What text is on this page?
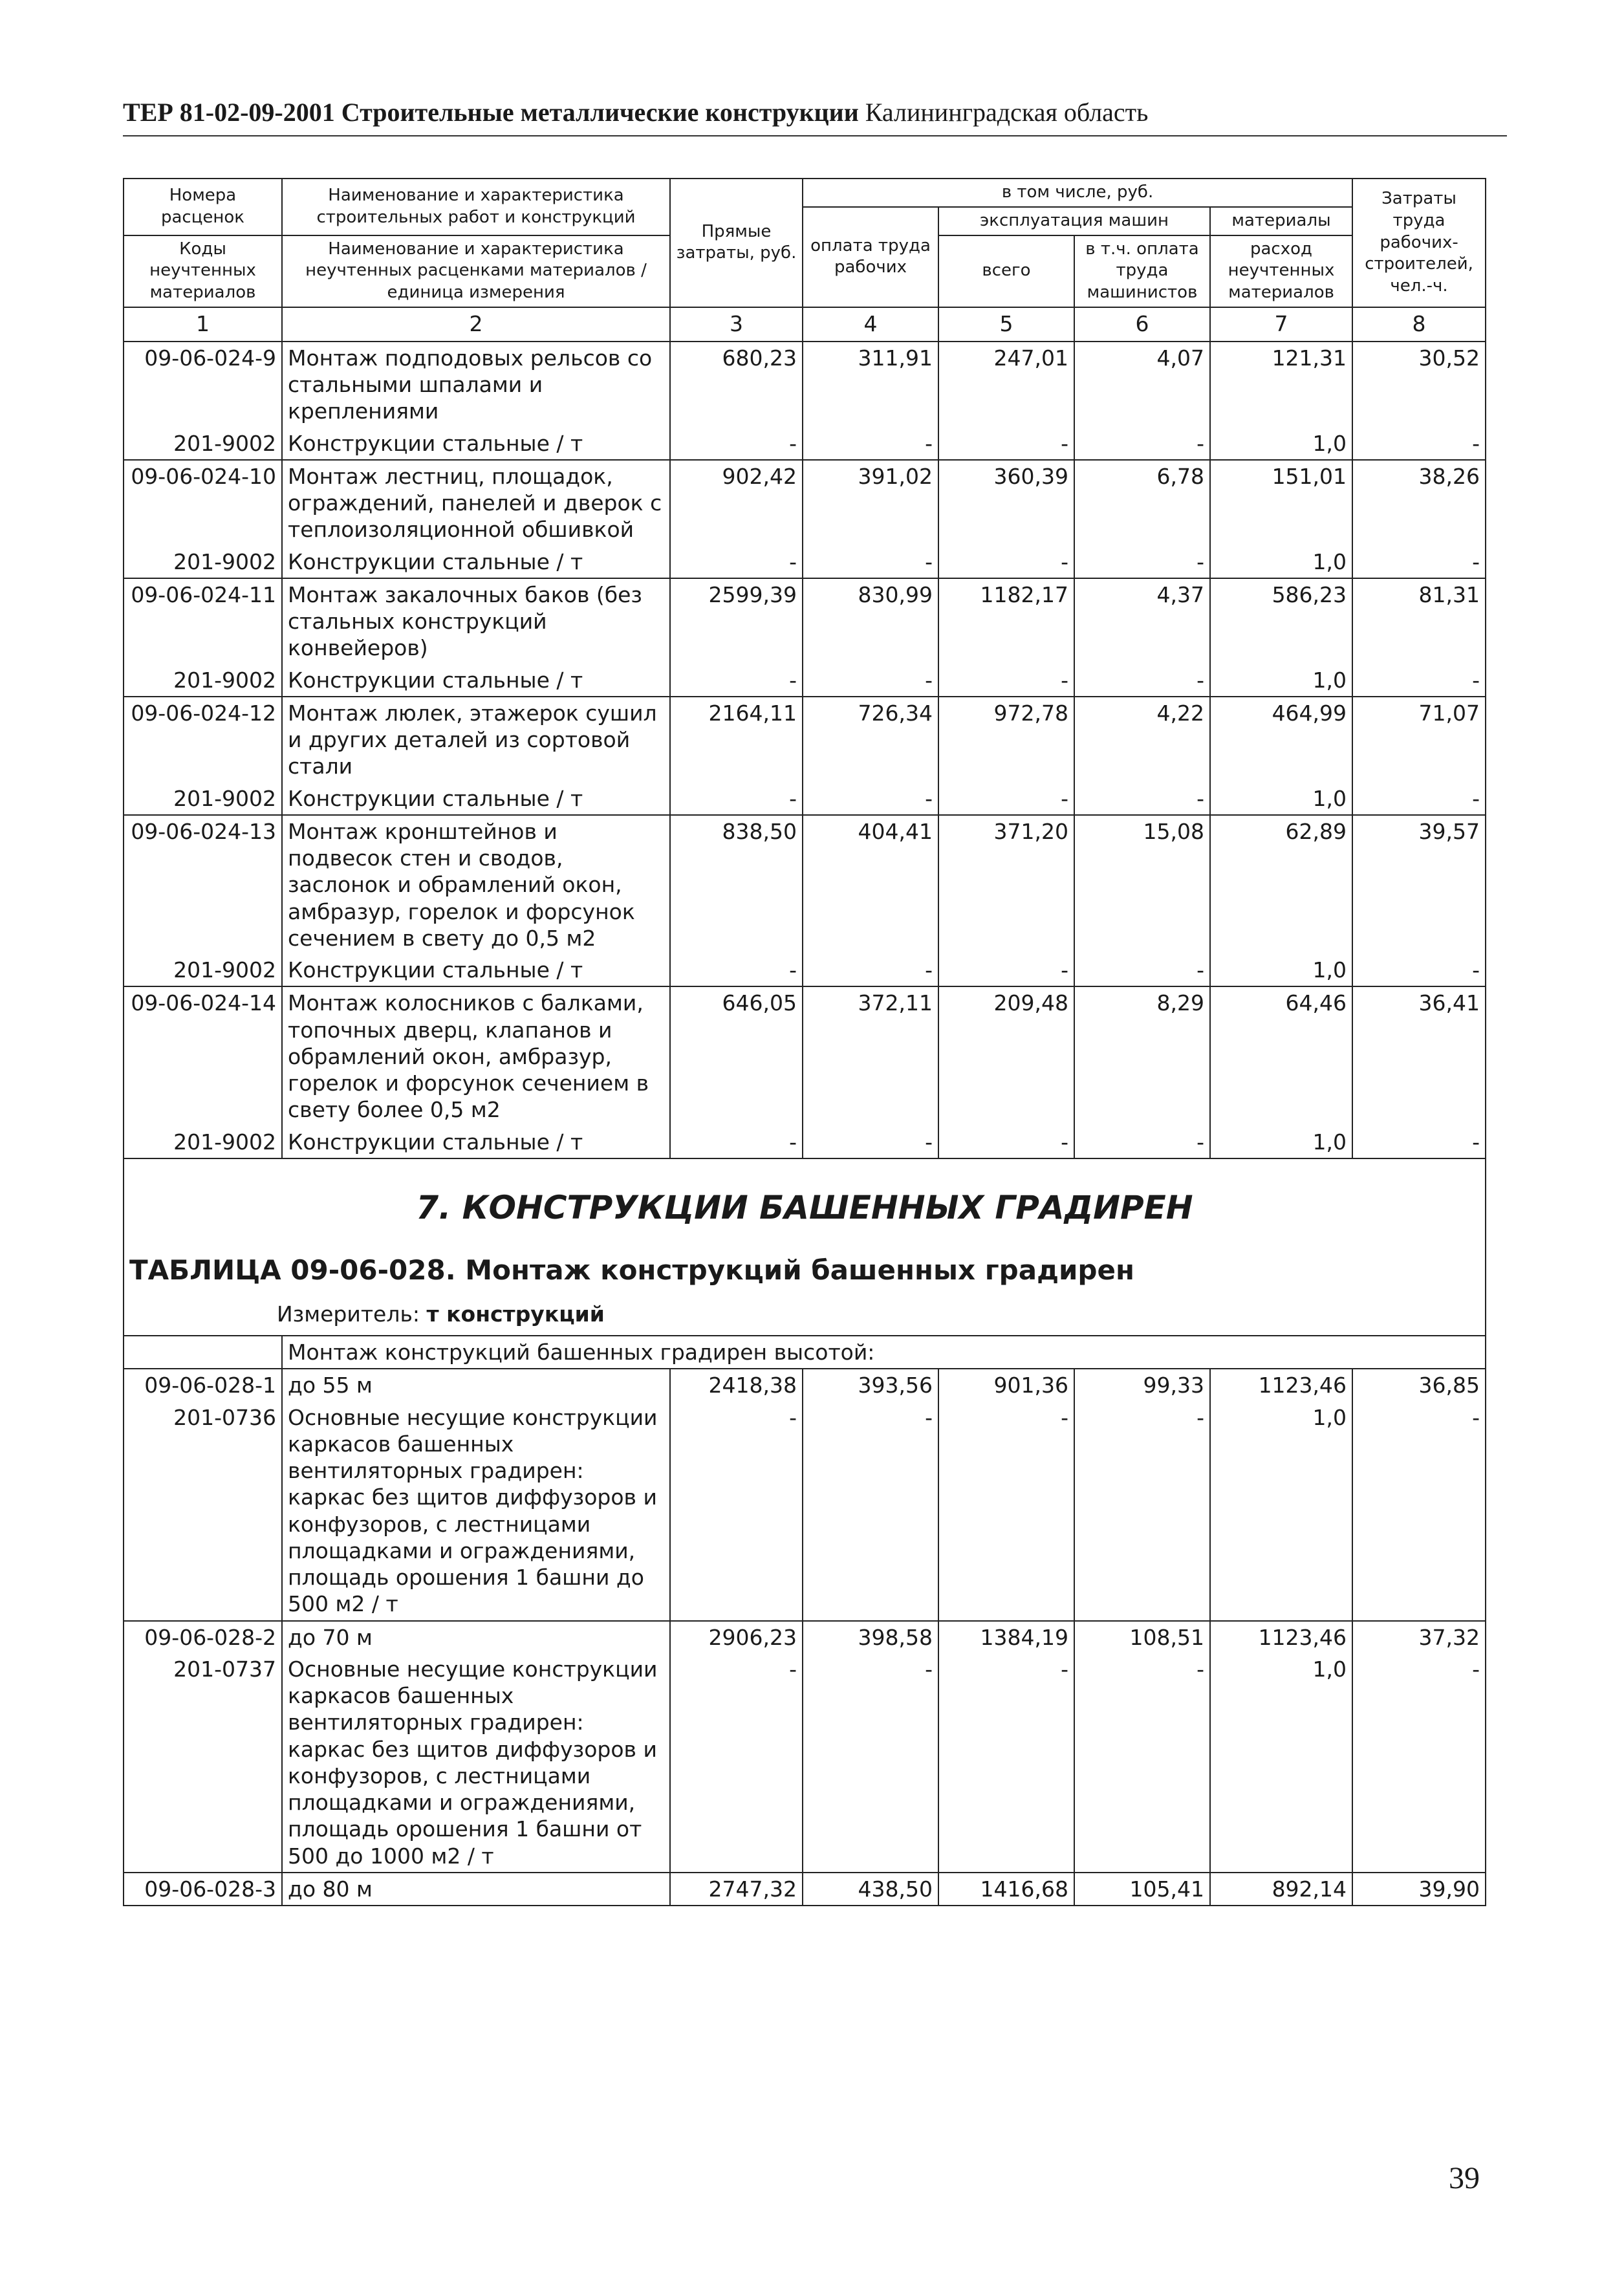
ТЕР 81-02-09-2001 Строительные металлические конструкции Калининградская область
Номера расценок	Наименование и характеристика строительных работ и конструкций	Прямые затраты, руб.	в том числе, руб.				Затраты труда рабочих-строителей, чел.-ч.
			оплата труда рабочих	эксплуатация машин		материалы	
Коды неучтенных материалов	Наименование и характеристика неучтенных расценками материалов / единица измерения			всего	в т.ч. оплата труда машинистов	расход неучтенных материалов	

1	2	3	4	5	6	7	8
09-06-024-9	Монтаж подподовых рельсов со стальными шпалами и креплениями	680,23	311,91	247,01	4,07	121,31	30,52
201-9002	Конструкции стальные / т	-	-	-	-	1,0	-
09-06-024-10	Монтаж лестниц, площадок, ограждений, панелей и дверок с теплоизоляционной обшивкой	902,42	391,02	360,39	6,78	151,01	38,26
201-9002	Конструкции стальные / т	-	-	-	-	1,0	-
09-06-024-11	Монтаж закалочных баков (без стальных конструкций конвейеров)	2599,39	830,99	1182,17	4,37	586,23	81,31
201-9002	Конструкции стальные / т	-	-	-	-	1,0	-
09-06-024-12	Монтаж люлек, этажерок сушил и других деталей из сортовой стали	2164,11	726,34	972,78	4,22	464,99	71,07
201-9002	Конструкции стальные / т	-	-	-	-	1,0	-
09-06-024-13	Монтаж кронштейнов и подвесок стен и сводов, заслонок и обрамлений окон, амбразур, горелок и форсунок сечением в свету до 0,5 м2	838,50	404,41	371,20	15,08	62,89	39,57
201-9002	Конструкции стальные / т	-	-	-	-	1,0	-
09-06-024-14	Монтаж колосников с балками, топочных дверц, клапанов и обрамлений окон, амбразур, горелок и форсунок сечением в свету более 0,5 м2	646,05	372,11	209,48	8,29	64,46	36,41
201-9002	Конструкции стальные / т	-	-	-	-	1,0	-

7. КОНСТРУКЦИИ БАШЕННЫХ ГРАДИРЕН
ТАБЛИЦА 09-06-028. Монтаж конструкций башенных градирен
Измеритель: т конструкций							

	Монтаж конструкций башенных градирен высотой:						
09-06-028-1	до 55 м	2418,38	393,56	901,36	99,33	1123,46	36,85
201-0736	Основные несущие конструкции каркасов башенных вентиляторных градирен: каркас без щитов диффузоров и конфузоров, с лестницами площадками и ограждениями, площадь орошения 1 башни до 500 м2 / т	-	-	-	-	1,0	-
09-06-028-2	до 70 м	2906,23	398,58	1384,19	108,51	1123,46	37,32
201-0737	Основные несущие конструкции каркасов башенных вентиляторных градирен: каркас без щитов диффузоров и конфузоров, с лестницами площадками и ограждениями, площадь орошения 1 башни от 500 до 1000 м2 / т	-	-	-	-	1,0	-
09-06-028-3	до 80 м	2747,32	438,50	1416,68	105,41	892,14	39,90
39
